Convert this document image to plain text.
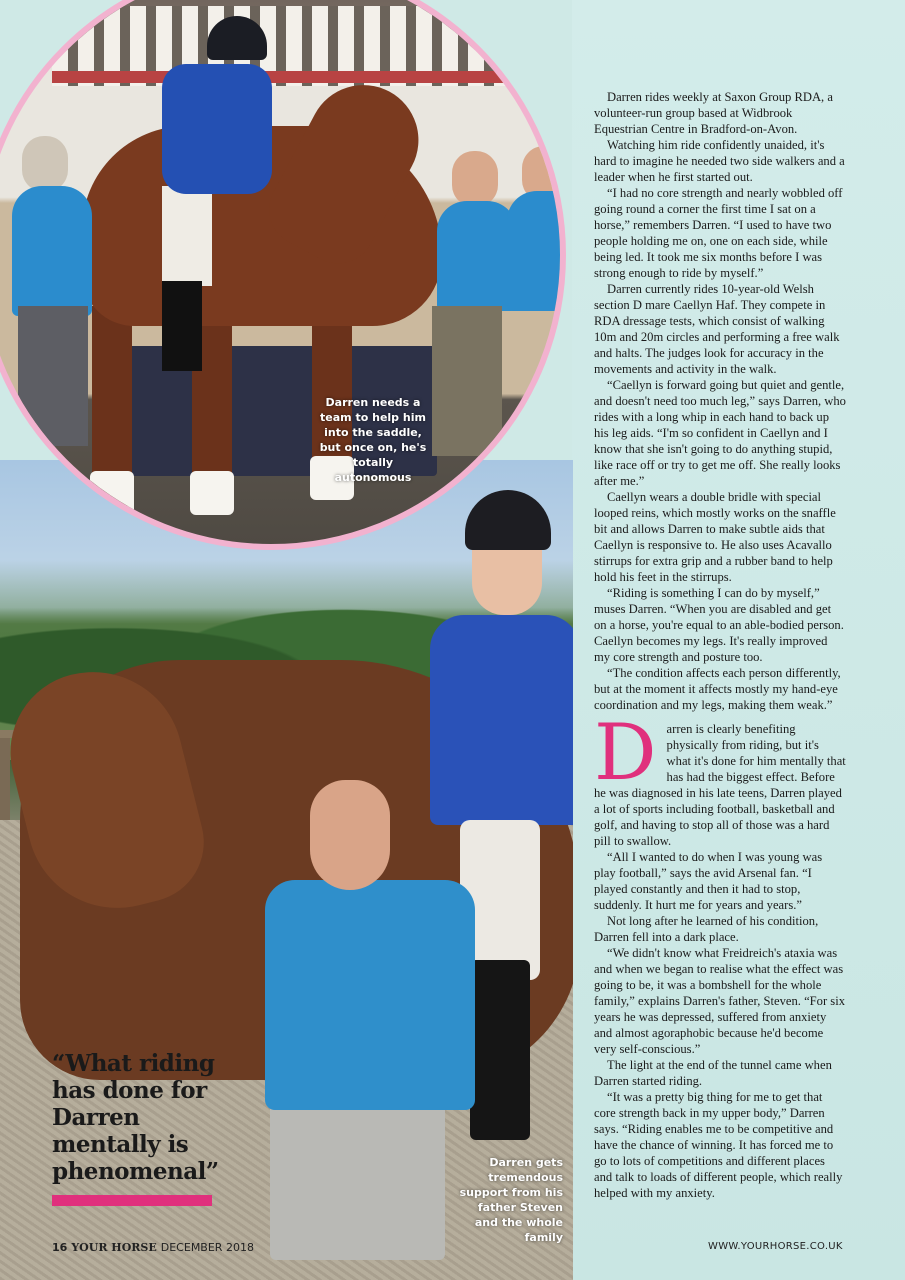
Darren needs a team to help him into the saddle, but once on, he's totally autonomous
Darren gets tremendous support from his father Steven and the whole family
“What riding has done for Darren mentally is phenomenal”

Darren rides weekly at Saxon Group RDA, a volunteer-run group based at Widbrook Equestrian Centre in Bradford-on-Avon.

Watching him ride confidently unaided, it's hard to imagine he needed two side walkers and a leader when he first started out.

“I had no core strength and nearly wobbled off going round a corner the first time I sat on a horse,” remembers Darren. “I used to have two people holding me on, one on each side, while being led. It took me six months before I was strong enough to ride by myself.”

Darren currently rides 10-year-old Welsh section D mare Caellyn Haf. They compete in RDA dressage tests, which consist of walking 10m and 20m circles and performing a free walk and halts. The judges look for accuracy in the movements and activity in the walk.

“Caellyn is forward going but quiet and gentle, and doesn't need too much leg,” says Darren, who rides with a long whip in each hand to back up his leg aids. “I'm so confident in Caellyn and I know that she isn't going to do anything stupid, like race off or try to get me off. She really looks after me.”

Caellyn wears a double bridle with special looped reins, which mostly works on the snaffle bit and allows Darren to make subtle aids that Caellyn is responsive to. He also uses Acavallo stirrups for extra grip and a rubber band to help hold his feet in the stirrups.

“Riding is something I can do by myself,” muses Darren. “When you are disabled and get on a horse, you're equal to an able-bodied person. Caellyn becomes my legs. It's really improved my core strength and posture too.

“The condition affects each person differently, but at the moment it affects mostly my hand-eye coordination and my legs, making them weak.”

Darren is clearly benefiting physically from riding, but it's what it's done for him mentally that has had the biggest effect. Before he was diagnosed in his late teens, Darren played a lot of sports including football, basketball and golf, and having to stop all of those was a hard pill to swallow.

“All I wanted to do when I was young was play football,” says the avid Arsenal fan. “I played constantly and then it had to stop, suddenly. It hurt me for years and years.”

Not long after he learned of his condition, Darren fell into a dark place.

“We didn't know what Freidreich's ataxia was and when we began to realise what the effect was going to be, it was a bombshell for the whole family,” explains Darren's father, Steven. “For six years he was depressed, suffered from anxiety and almost agoraphobic because he'd become very self-conscious.”

The light at the end of the tunnel came when Darren started riding.

“It was a pretty big thing for me to get that core strength back in my upper body,” Darren says. “Riding enables me to be competitive and have the chance of winning. It has forced me to go to lots of competitions and different places and talk to loads of different people, which really helped with my anxiety.

16 YOUR HORSE DECEMBER 2018	WWW.YOURHORSE.CO.UK
